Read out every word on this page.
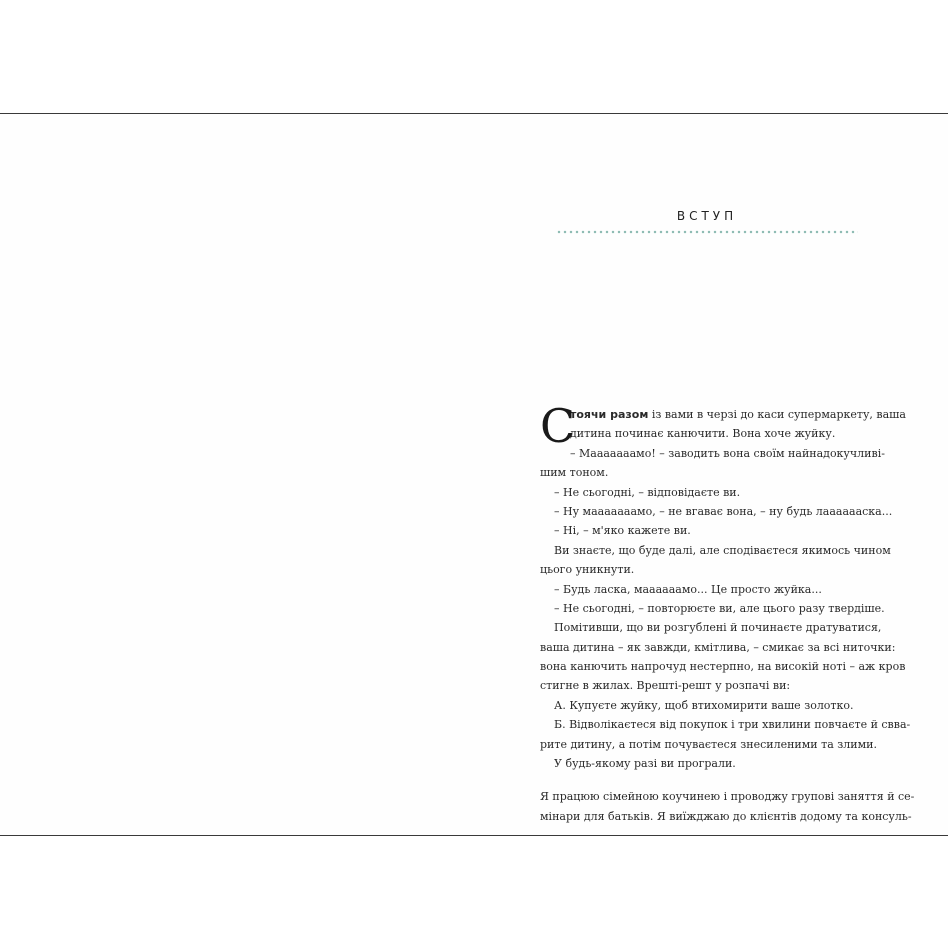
ВСТУП
С
тоячи разом із вами в черзі до каси супермаркету, ваша
дитина починає канючити. Вона хоче жуйку.
– Мааааааамо! – заводить вона своїм найнадокучливі-
шим тоном.
– Не сьогодні, – відповідаєте ви.
– Ну мааааааамо, – не вгаває вона, – ну будь лааааааска...
– Ні, – м'яко кажете ви.
Ви знаєте, що буде далі, але сподіваєтеся якимось чином
цього уникнути.
– Будь ласка, маааааамо... Це просто жуйка...
– Не сьогодні, – повторюєте ви, але цього разу твердіше.
Помітивши, що ви розгублені й починаєте дратуватися,
ваша дитина – як завжди, кмітлива, – смикає за всі ниточки:
вона канючить напрочуд нестерпно, на високій ноті – аж кров
стигне в жилах. Врешті-решт у розпачі ви:
А. Купуєте жуйку, щоб втихомирити ваше золотко.
Б. Відволікаєтеся від покупок і три хвилини повчаєте й свва-
рите дитину, а потім почуваєтеся знесиленими та злими.
У будь-якому разі ви програли.
Я працюю сімейною коучинею і проводжу групові заняття й се-
мінари для батьків. Я виїжджаю до клієнтів додому та консуль-
